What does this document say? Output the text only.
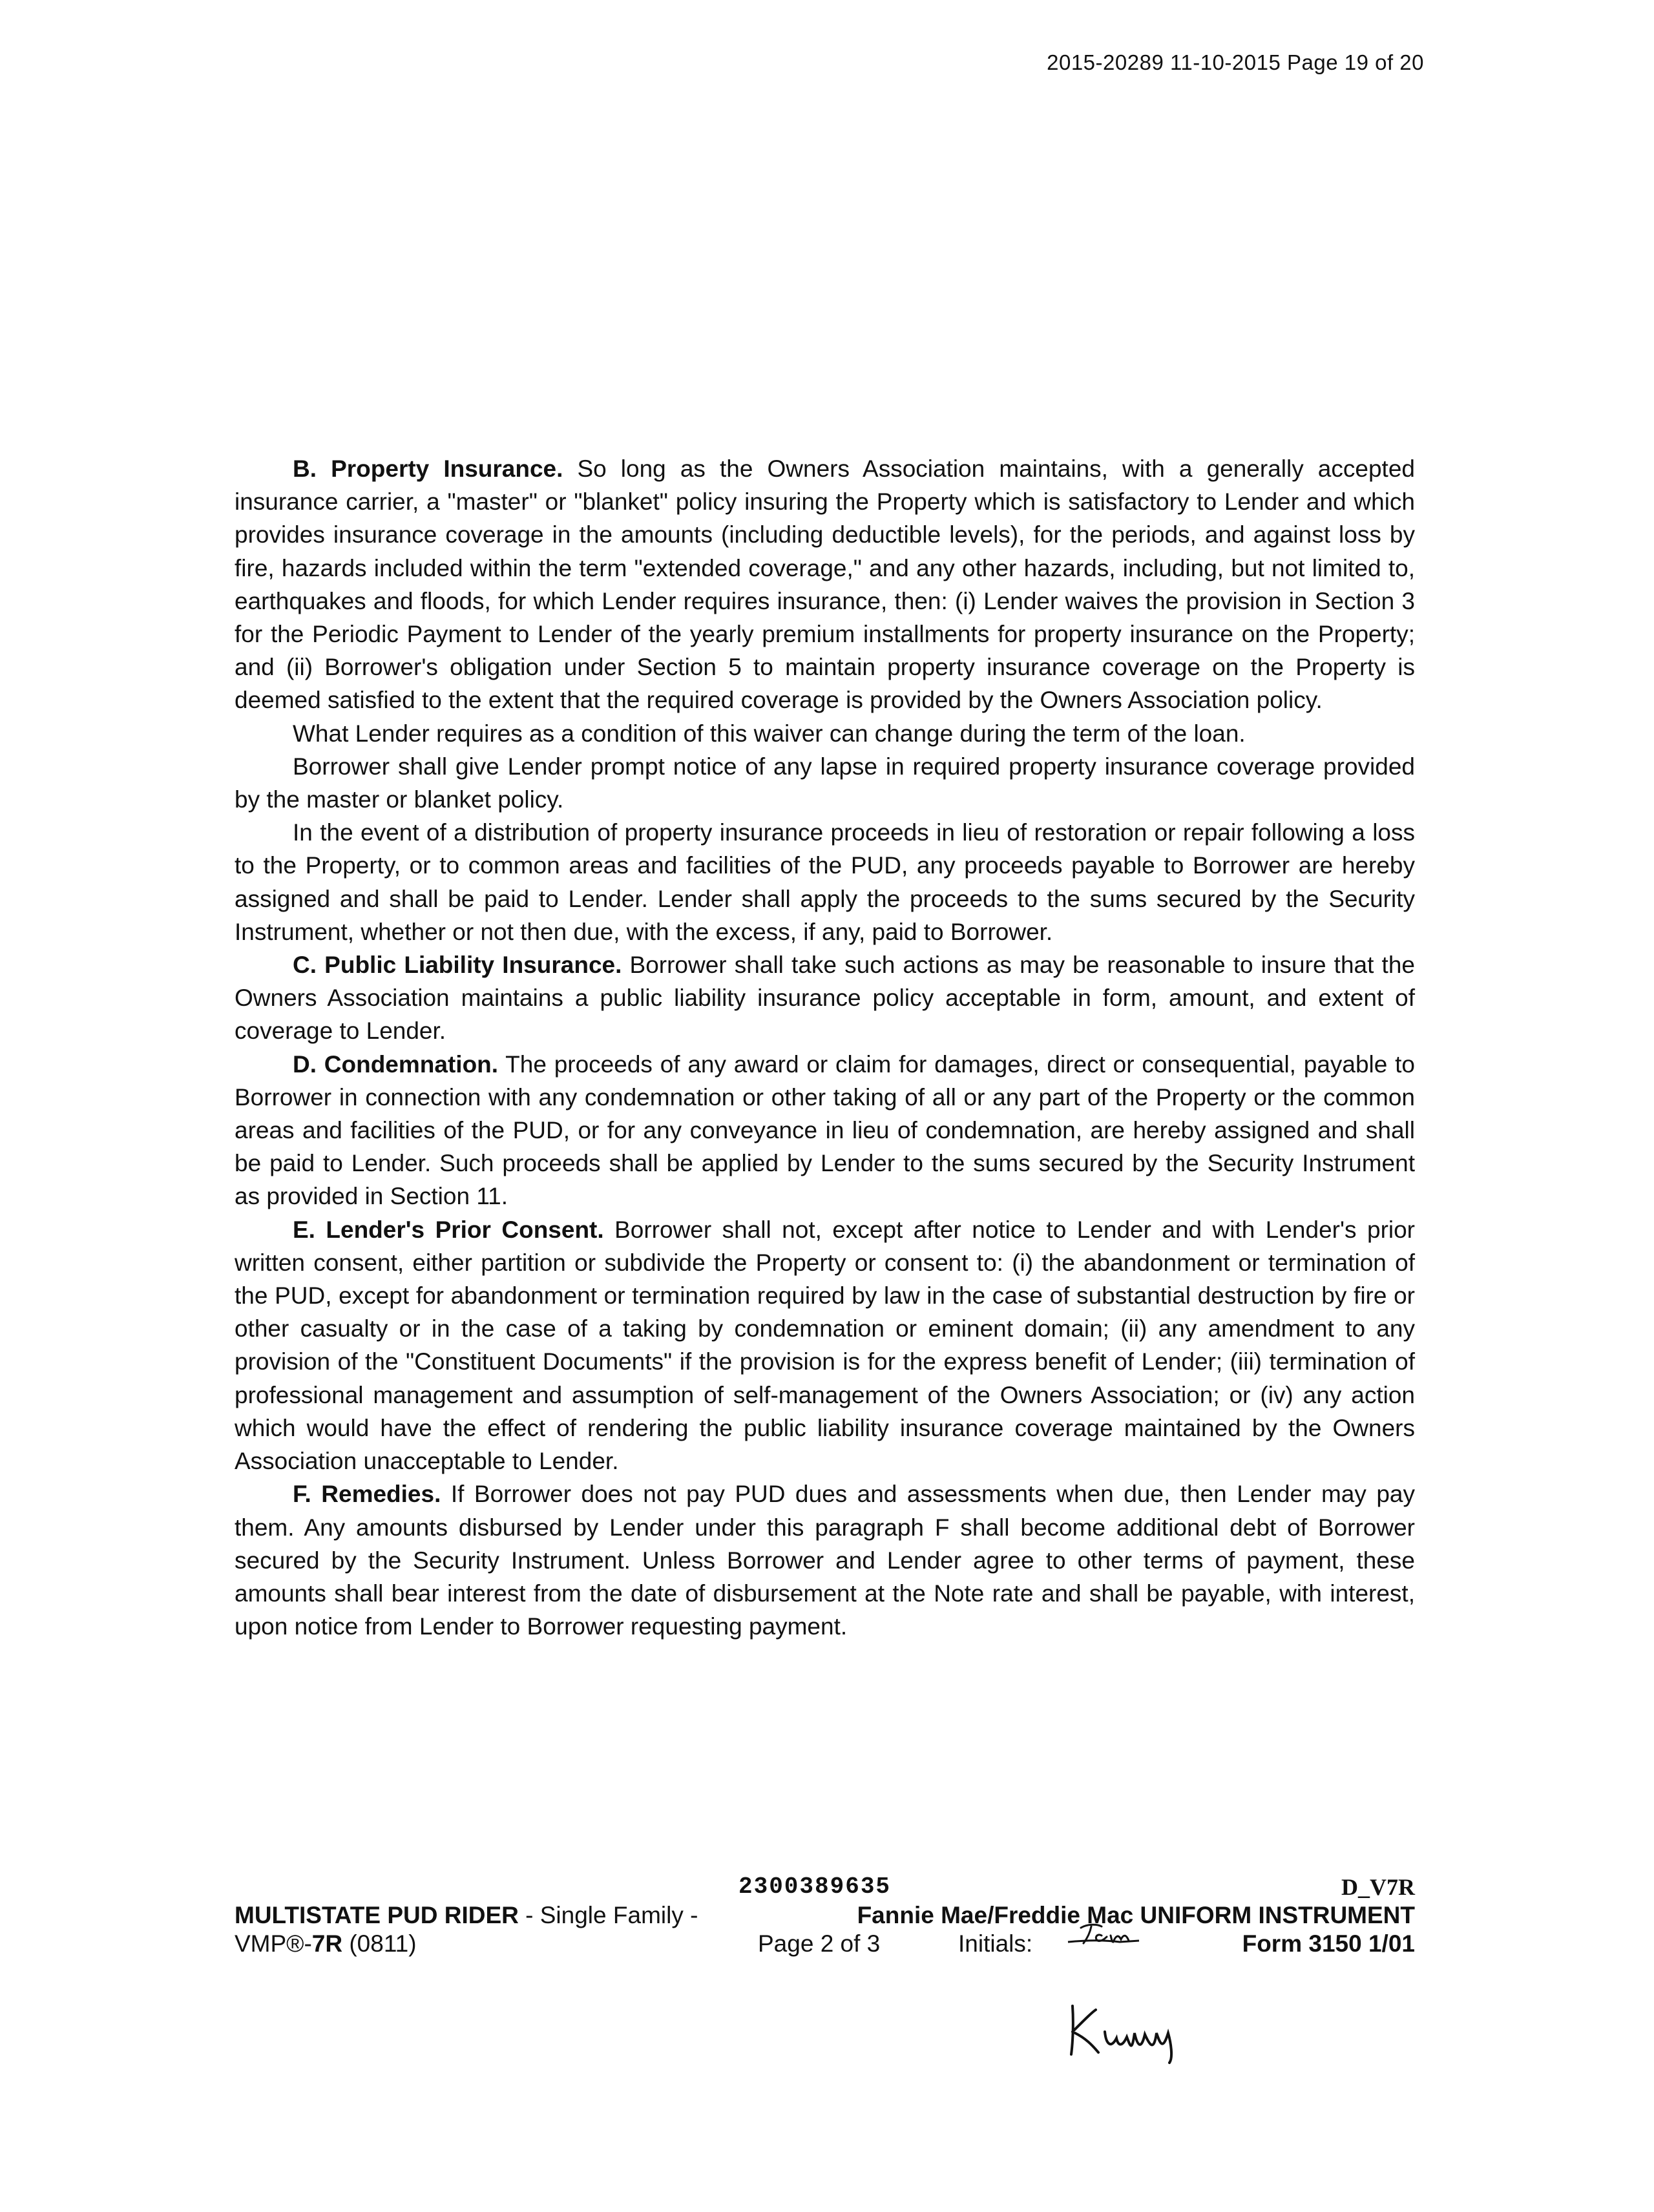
2015-20289 11-10-2015 Page 19 of 20

B. Property Insurance. So long as the Owners Association maintains, with a generally accepted insurance carrier, a "master" or "blanket" policy insuring the Property which is satisfactory to Lender and which provides insurance coverage in the amounts (including deductible levels), for the periods, and against loss by fire, hazards included within the term "extended coverage," and any other hazards, including, but not limited to, earthquakes and floods, for which Lender requires insurance, then: (i) Lender waives the provision in Section 3 for the Periodic Payment to Lender of the yearly premium installments for property insurance on the Property; and (ii) Borrower's obligation under Section 5 to maintain property insurance coverage on the Property is deemed satisfied to the extent that the required coverage is provided by the Owners Association policy.

What Lender requires as a condition of this waiver can change during the term of the loan.

Borrower shall give Lender prompt notice of any lapse in required property insurance coverage provided by the master or blanket policy.

In the event of a distribution of property insurance proceeds in lieu of restoration or repair following a loss to the Property, or to common areas and facilities of the PUD, any proceeds payable to Borrower are hereby assigned and shall be paid to Lender. Lender shall apply the proceeds to the sums secured by the Security Instrument, whether or not then due, with the excess, if any, paid to Borrower.

C. Public Liability Insurance. Borrower shall take such actions as may be reasonable to insure that the Owners Association maintains a public liability insurance policy acceptable in form, amount, and extent of coverage to Lender.

D. Condemnation. The proceeds of any award or claim for damages, direct or consequential, payable to Borrower in connection with any condemnation or other taking of all or any part of the Property or the common areas and facilities of the PUD, or for any conveyance in lieu of condemnation, are hereby assigned and shall be paid to Lender. Such proceeds shall be applied by Lender to the sums secured by the Security Instrument as provided in Section 11.

E. Lender's Prior Consent. Borrower shall not, except after notice to Lender and with Lender's prior written consent, either partition or subdivide the Property or consent to: (i) the abandonment or termination of the PUD, except for abandonment or termination required by law in the case of substantial destruction by fire or other casualty or in the case of a taking by condemnation or eminent domain; (ii) any amendment to any provision of the "Constituent Documents" if the provision is for the express benefit of Lender; (iii) termination of professional management and assumption of self-management of the Owners Association; or (iv) any action which would have the effect of rendering the public liability insurance coverage maintained by the Owners Association unacceptable to Lender.

F. Remedies. If Borrower does not pay PUD dues and assessments when due, then Lender may pay them. Any amounts disbursed by Lender under this paragraph F shall become additional debt of Borrower secured by the Security Instrument. Unless Borrower and Lender agree to other terms of payment, these amounts shall bear interest from the date of disbursement at the Note rate and shall be payable, with interest, upon notice from Lender to Borrower requesting payment.

2300389635	D_V7R
MULTISTATE PUD RIDER - Single Family -	Fannie Mae/Freddie Mac UNIFORM INSTRUMENT
VMP®-7R (0811)	Page 2 of 3	Initials:	Form 3150 1/01
